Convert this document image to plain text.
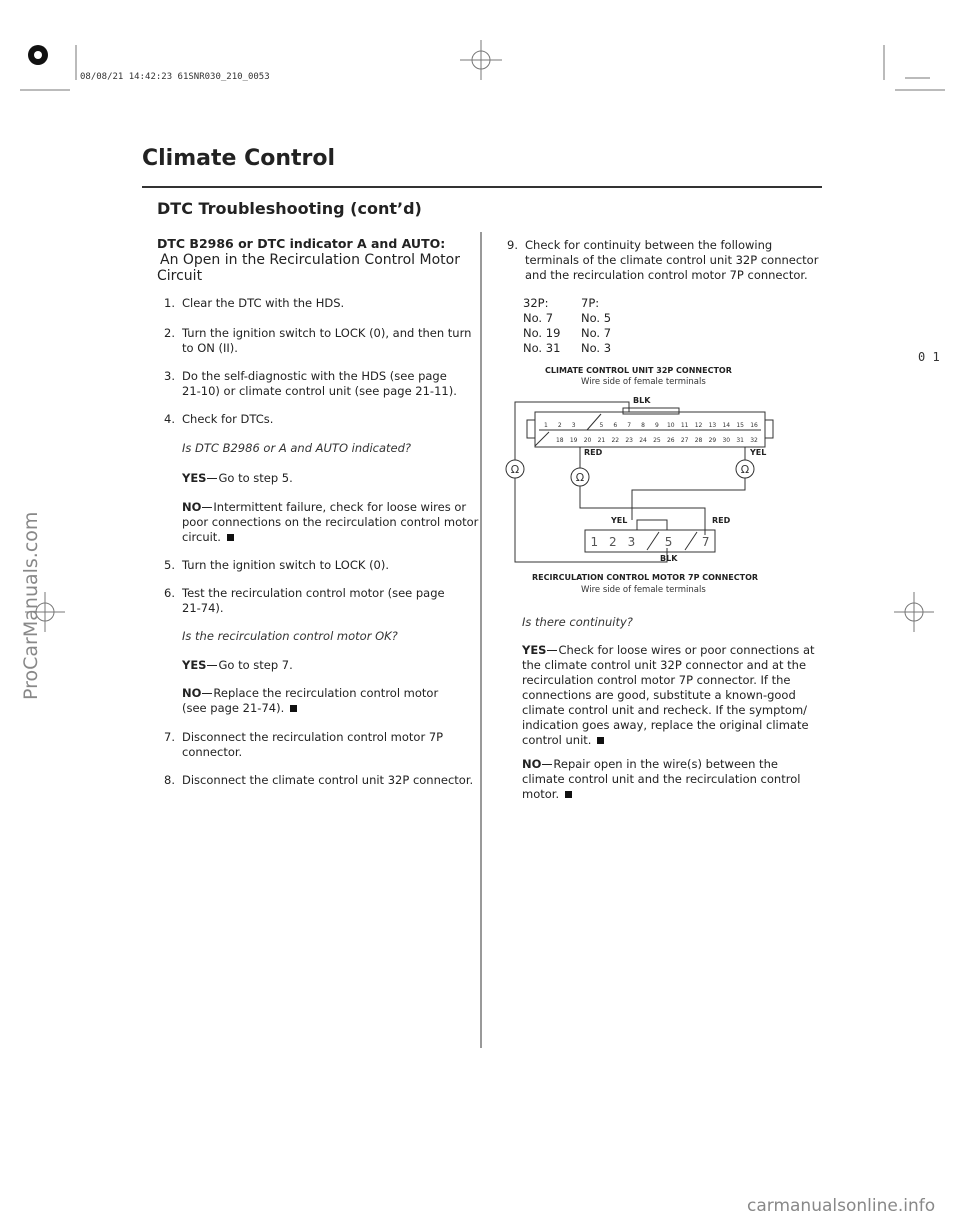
08/08/21 14:42:23 61SNR030_210_0053
Climate Control
DTC Troubleshooting (cont’d)
0 1
DTC B2986 or DTC indicator A and AUTO:
An Open in the Recirculation Control Motor
Circuit
1. Clear the DTC with the HDS.
2. Turn the ignition switch to LOCK (0), and then turn
to ON (II).
3. Do the self-diagnostic with the HDS (see page
21-10) or climate control unit (see page 21-11).
4. Check for DTCs.
Is DTC B2986 or A and AUTO indicated?
YES Go to step 5.
NO Intermittent failure, check for loose wires or
poor connections on the recirculation control motor
circuit.
5. Turn the ignition switch to LOCK (0).
6. Test the recirculation control motor (see page
21-74).
Is the recirculation control motor OK?
YES Go to step 7.
NO Replace the recirculation control motor
(see page 21-74).
7. Disconnect the recirculation control motor 7P
connector.
8. Disconnect the climate control unit 32P connector.
9. Check for continuity between the following
terminals of the climate control unit 32P connector
and the recirculation control motor 7P connector.
32P:	7P:
No. 7	No. 5
No. 19	No. 7
No. 31	No. 3
CLIMATE CONTROL UNIT 32P CONNECTOR
Wire side of female terminals
Ω
Ω
Ω
1 2 3	5 6 7 8 9 10 11 12 13 14 15 16
18 19 20 21 22 23 24 25 26 27 28 29 30 31 32
1 2 3 5 7
BLK
RED	YEL
YEL	RED
BLK
RECIRCULATION CONTROL MOTOR 7P CONNECTOR
Wire side of female terminals
Is there continuity?
YES Check for loose wires or poor connections at
the climate control unit 32P connector and at the
recirculation control motor 7P connector. If the
connections are good, substitute a known-good
climate control unit and recheck. If the symptom/
indication goes away, replace the original climate
control unit.
NO Repair open in the wire(s) between the
climate control unit and the recirculation control
motor.
ProCarManuals.com
carmanualsonline.info
